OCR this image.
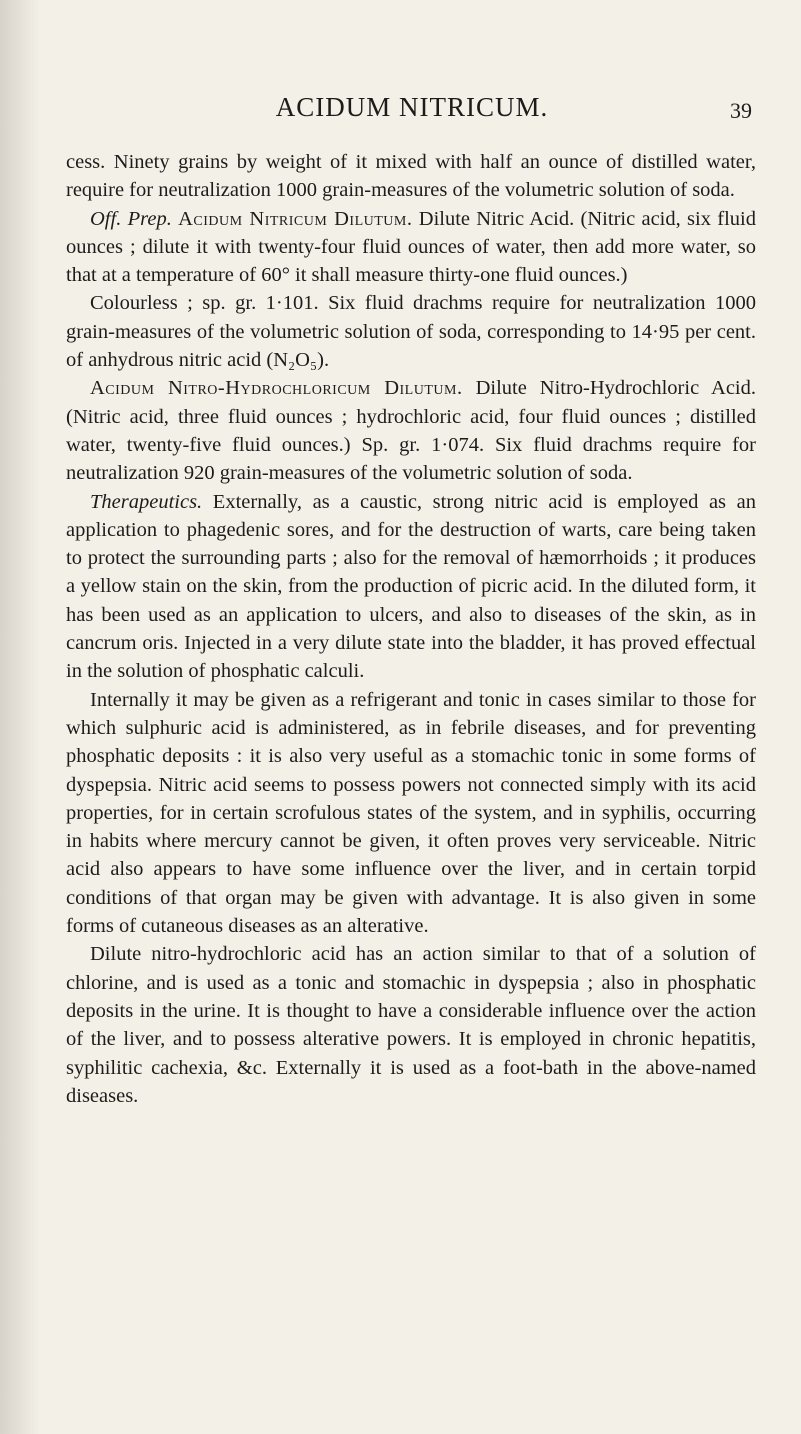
ACIDUM NITRICUM.	39

cess. Ninety grains by weight of it mixed with half an ounce of distilled water, require for neutralization 1000 grain-measures of the volumetric solution of soda.

Off. Prep. Acidum Nitricum Dilutum. Dilute Nitric Acid. (Nitric acid, six fluid ounces ; dilute it with twenty-four fluid ounces of water, then add more water, so that at a temperature of 60° it shall measure thirty-one fluid ounces.)

Colourless ; sp. gr. 1·101. Six fluid drachms require for neutralization 1000 grain-measures of the volumetric solution of soda, corresponding to 14·95 per cent. of anhydrous nitric acid (N₂O₅).

Acidum Nitro-Hydrochloricum Dilutum. Dilute Nitro-Hydrochloric Acid. (Nitric acid, three fluid ounces ; hydrochloric acid, four fluid ounces ; distilled water, twenty-five fluid ounces.) Sp. gr. 1·074. Six fluid drachms require for neutralization 920 grain-measures of the volumetric solution of soda.

Therapeutics. Externally, as a caustic, strong nitric acid is employed as an application to phagedenic sores, and for the destruction of warts, care being taken to protect the surrounding parts ; also for the removal of hæmorrhoids ; it produces a yellow stain on the skin, from the production of picric acid. In the diluted form, it has been used as an application to ulcers, and also to diseases of the skin, as in cancrum oris. Injected in a very dilute state into the bladder, it has proved effectual in the solution of phosphatic calculi.

Internally it may be given as a refrigerant and tonic in cases similar to those for which sulphuric acid is administered, as in febrile diseases, and for preventing phosphatic deposits : it is also very useful as a stomachic tonic in some forms of dyspepsia. Nitric acid seems to possess powers not connected simply with its acid properties, for in certain scrofulous states of the system, and in syphilis, occurring in habits where mercury cannot be given, it often proves very serviceable. Nitric acid also appears to have some influence over the liver, and in certain torpid conditions of that organ may be given with advantage. It is also given in some forms of cutaneous diseases as an alterative.

Dilute nitro-hydrochloric acid has an action similar to that of a solution of chlorine, and is used as a tonic and stomachic in dyspepsia ; also in phosphatic deposits in the urine. It is thought to have a considerable influence over the action of the liver, and to possess alterative powers. It is employed in chronic hepatitis, syphilitic cachexia, &c. Externally it is used as a foot-bath in the above-named diseases.
